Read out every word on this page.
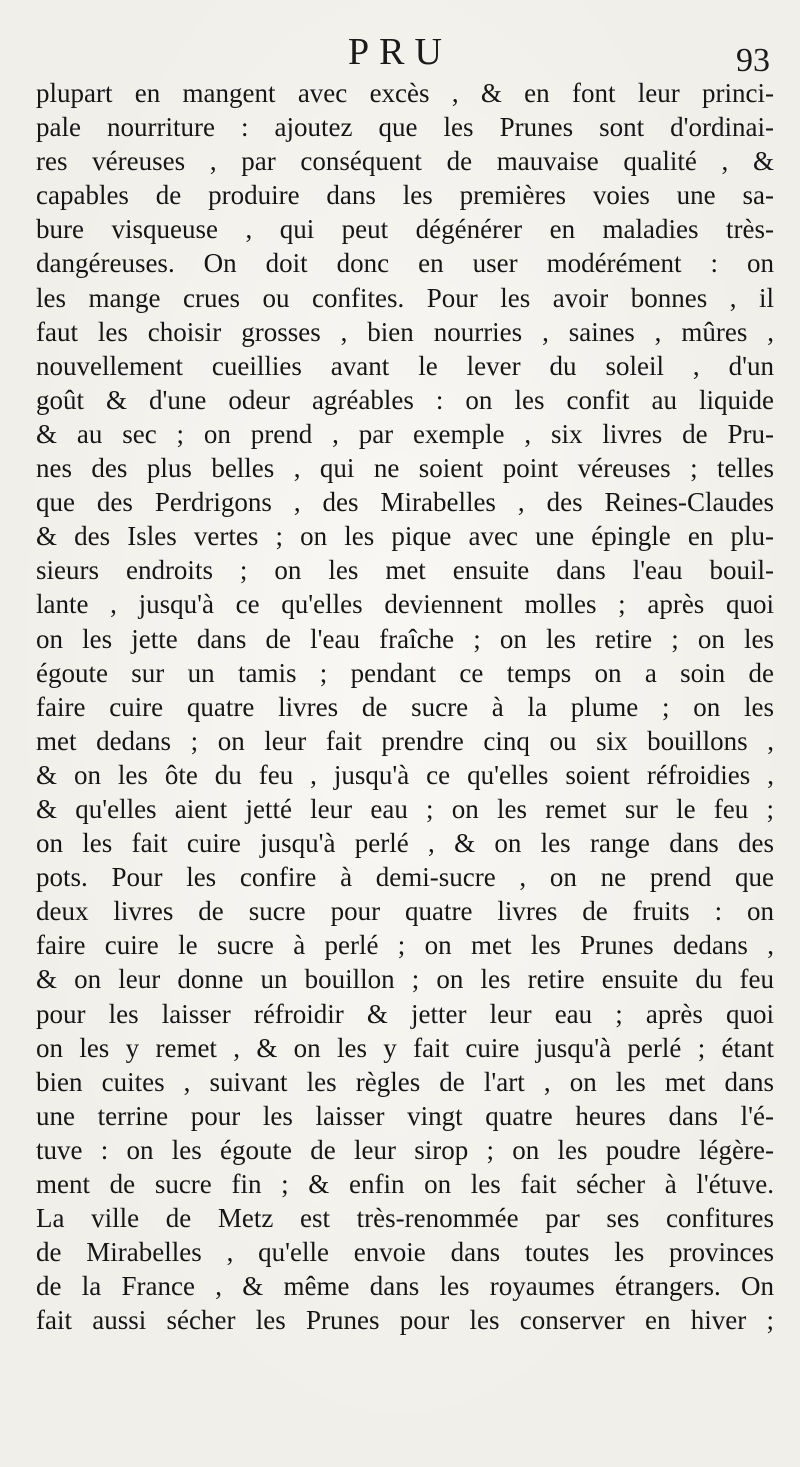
PRU	93
plupart en mangent avec excès , & en font leur princi-
pale nourriture : ajoutez que les Prunes sont d'ordinai-
res véreuses , par conséquent de mauvaise qualité , &
capables de produire dans les premières voies une sa-
bure visqueuse , qui peut dégénérer en maladies très-
dangéreuses. On doit donc en user modérément : on
les mange crues ou confites. Pour les avoir bonnes , il
faut les choisir grosses , bien nourries , saines , mûres ,
nouvellement cueillies avant le lever du soleil , d'un
goût & d'une odeur agréables : on les confit au liquide
& au sec ; on prend , par exemple , six livres de Pru-
nes des plus belles , qui ne soient point véreuses ; telles
que des Perdrigons , des Mirabelles , des Reines-Claudes
& des Isles vertes ; on les pique avec une épingle en plu-
sieurs endroits ; on les met ensuite dans l'eau bouil-
lante , jusqu'à ce qu'elles deviennent molles ; après quoi
on les jette dans de l'eau fraîche ; on les retire ; on les
égoute sur un tamis ; pendant ce temps on a soin de
faire cuire quatre livres de sucre à la plume ; on les
met dedans ; on leur fait prendre cinq ou six bouillons ,
& on les ôte du feu , jusqu'à ce qu'elles soient réfroidies ,
& qu'elles aient jetté leur eau ; on les remet sur le feu ;
on les fait cuire jusqu'à perlé , & on les range dans des
pots. Pour les confire à demi-sucre , on ne prend que
deux livres de sucre pour quatre livres de fruits : on
faire cuire le sucre à perlé ; on met les Prunes dedans ,
& on leur donne un bouillon ; on les retire ensuite du feu
pour les laisser réfroidir & jetter leur eau ; après quoi
on les y remet , & on les y fait cuire jusqu'à perlé ; étant
bien cuites , suivant les règles de l'art , on les met dans
une terrine pour les laisser vingt quatre heures dans l'é-
tuve : on les égoute de leur sirop ; on les poudre légère-
ment de sucre fin ; & enfin on les fait sécher à l'étuve.
La ville de Metz est très-renommée par ses confitures
de Mirabelles , qu'elle envoie dans toutes les provinces
de la France , & même dans les royaumes étrangers. On
fait aussi sécher les Prunes pour les conserver en hiver ;
